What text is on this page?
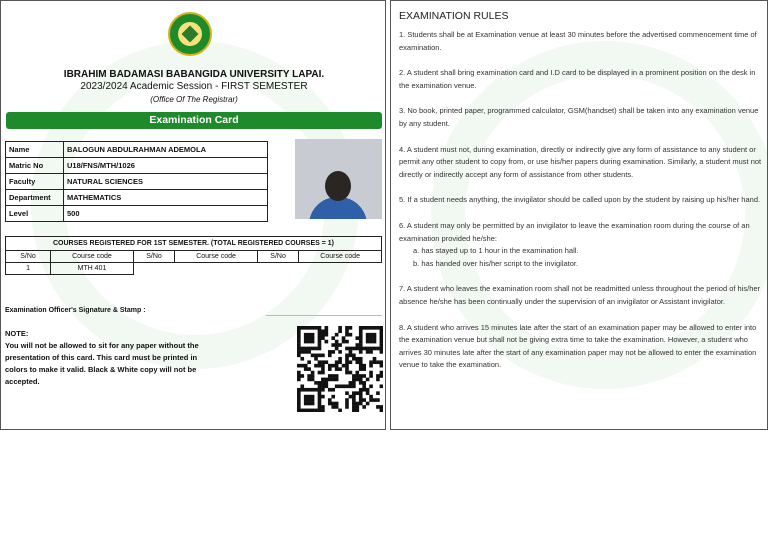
IBRAHIM BADAMASI BABANGIDA UNIVERSITY LAPAI.
2023/2024 Academic Session - FIRST SEMESTER
(Office Of The Registrar)
Examination Card
Name	BALOGUN ABDULRAHMAN ADEMOLA
Matric No	U18/FNS/MTH/1026
Faculty	NATURAL SCIENCES
Department	MATHEMATICS
Level	500
COURSES REGISTERED FOR 1ST SEMESTER. (TOTAL REGISTERED COURSES = 1)					
S/No	Course code	S/No	Course code	S/No	Course code
1	MTH 401				
Examination Officer's Signature & Stamp :
NOTE:
You will not be allowed to sit for any paper without the presentation of this card. This card must be printed in colors to make it valid. Black & White copy will not be accepted.
EXAMINATION RULES

1. Students shall be at Examination venue at least 30 minutes before the advertised commencement time of examination.

2. A student shall bring examination card and I.D card to be displayed in a prominent position on the desk in the examination venue.

3. No book, printed paper, programmed calculator, GSM(handset) shall be taken into any examination venue by any student.

4. A student must not, during examination, directly or indirectly give any form of assistance to any student or permit any other student to copy from, or use his/her papers during examination. Similarly, a student must not directly or indirectly accept any form of assistance from other students.

5. If a student needs anything, the invigilator should be called upon by the student by raising up his/her hand.

6. A student may only be permitted by an invigilator to leave the examination room during the course of an examination provided he/she:
a. has stayed up to 1 hour in the examination hall.
b. has handed over his/her script to the invigilator.

7. A student who leaves the examination room shall not be readmitted unless throughout the period of his/her absence he/she has been continually under the supervision of an invigilator or Assistant invigilator.

8. A student who arrives 15 minutes late after the start of an examination paper may be allowed to enter into the examination venue but shall not be giving extra time to take the examination. However, a student who arrives 30 minutes late after the start of any examination paper may not be allowed to enter the examination venue to take the examination.
